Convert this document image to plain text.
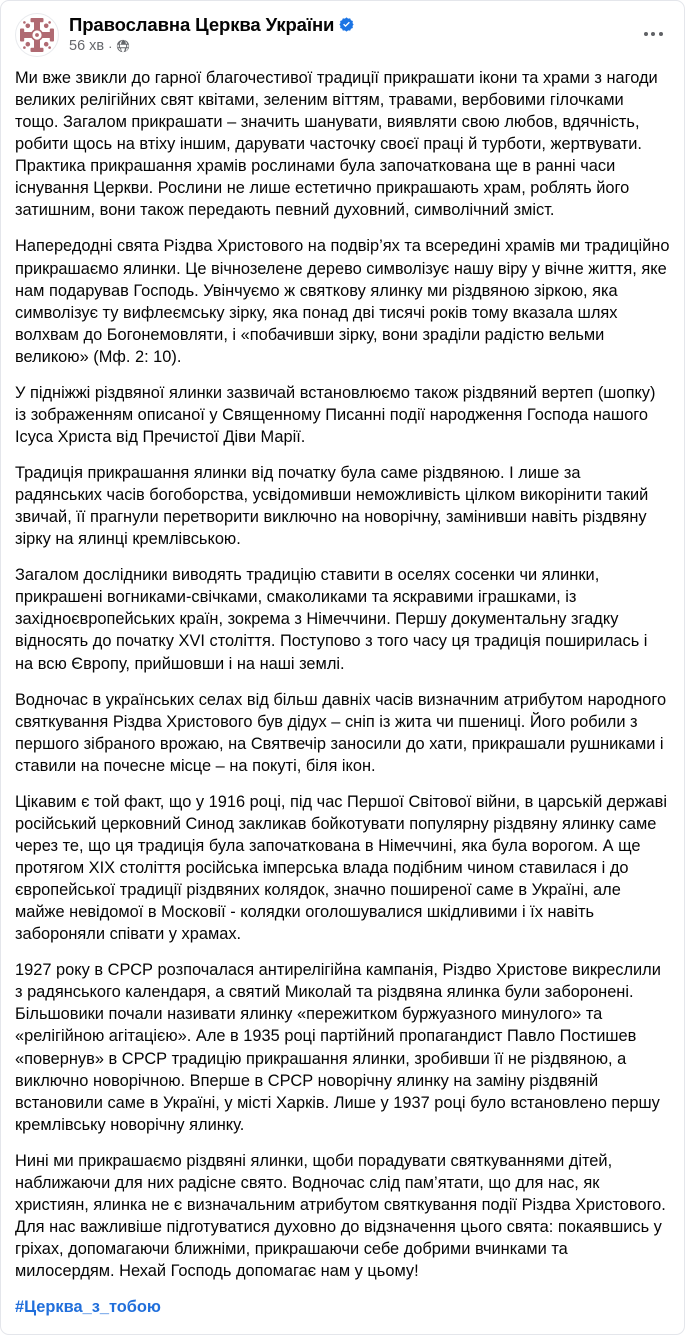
Православна Церква України
56 хв ·

Ми вже звикли до гарної благочестивої традиції прикрашати ікони та храми з нагоди великих релігійних свят квітами, зеленим віттям, травами, вербовими гілочками тощо. Загалом прикрашати – значить шанувати, виявляти свою любов, вдячність, робити щось на втіху іншим, дарувати часточку своєї праці й турботи, жертвувати. Практика прикрашання храмів рослинами була започаткована ще в ранні часи існування Церкви. Рослини не лише естетично прикрашають храм, роблять його затишним, вони також передають певний духовний, символічний зміст.

Напередодні свята Різдва Христового на подвір’ях та всередині храмів ми традиційно прикрашаємо ялинки. Це вічнозелене дерево символізує нашу віру у вічне життя, яке нам подарував Господь. Увінчуємо ж святкову ялинку ми різдвяною зіркою, яка символізує ту вифлеємську зірку, яка понад дві тисячі років тому вказала шлях волхвам до Богонемовляти, і «побачивши зірку, вони зраділи радістю вельми великою» (Мф. 2: 10).

У підніжжі різдвяної ялинки зазвичай встановлюємо також різдвяний вертеп (шопку) із зображенням описаної у Священному Писанні події народження Господа нашого Ісуса Христа від Пречистої Діви Марії.

Традиція прикрашання ялинки від початку була саме різдвяною. І лише за радянських часів богоборства, усвідомивши неможливість цілком викорінити такий звичай, її прагнули перетворити виключно на новорічну, замінивши навіть різдвяну зірку на ялинці кремлівською.

Загалом дослідники виводять традицію ставити в оселях сосенки чи ялинки, прикрашені вогниками-свічками, смаколиками та яскравими іграшками, із західноєвропейських країн, зокрема з Німеччини. Першу документальну згадку відносять до початку XVI століття. Поступово з того часу ця традиція поширилась і на всю Європу, прийшовши і на наші землі.

Водночас в українських селах від більш давніх часів визначним атрибутом народного святкування Різдва Христового був дідух – сніп із жита чи пшениці. Його робили з першого зібраного врожаю, на Святвечір заносили до хати, прикрашали рушниками і ставили на почесне місце – на покуті, біля ікон.

Цікавим є той факт, що у 1916 році, під час Першої Світової війни, в царській державі російський церковний Синод закликав бойкотувати популярну різдвяну ялинку саме через те, що ця традиція була започаткована в Німеччині, яка була ворогом. А ще протягом XIX століття російська імперська влада подібним чином ставилася і до європейської традиції різдвяних колядок, значно поширеної саме в Україні, але майже невідомої в Московії - колядки оголошувалися шкідливими і їх навіть забороняли співати у храмах.

1927 року в СРСР розпочалася антирелігійна кампанія, Різдво Христове викреслили з радянського календаря, а святий Миколай та різдвяна ялинка були заборонені. Більшовики почали називати ялинку «пережитком буржуазного минулого» та «релігійною агітацією». Але в 1935 році партійний пропагандист Павло Постишев «повернув» в СРСР традицію прикрашання ялинки, зробивши її не різдвяною, а виключно новорічною. Вперше в СРСР новорічну ялинку на заміну різдвяній встановили саме в Україні, у місті Харків. Лише у 1937 році було встановлено першу кремлівську новорічну ялинку.

Нині ми прикрашаємо різдвяні ялинки, щоби порадувати святкуваннями дітей, наближаючи для них радісне свято. Водночас слід пам’ятати, що для нас, як християн, ялинка не є визначальним атрибутом святкування події Різдва Христового. Для нас важливіше підготуватися духовно до відзначення цього свята: покаявшись у гріхах, допомагаючи ближніми, прикрашаючи себе добрими вчинками та милосердям. Нехай Господь допомагає нам у цьому!

#Церква_з_тобою
